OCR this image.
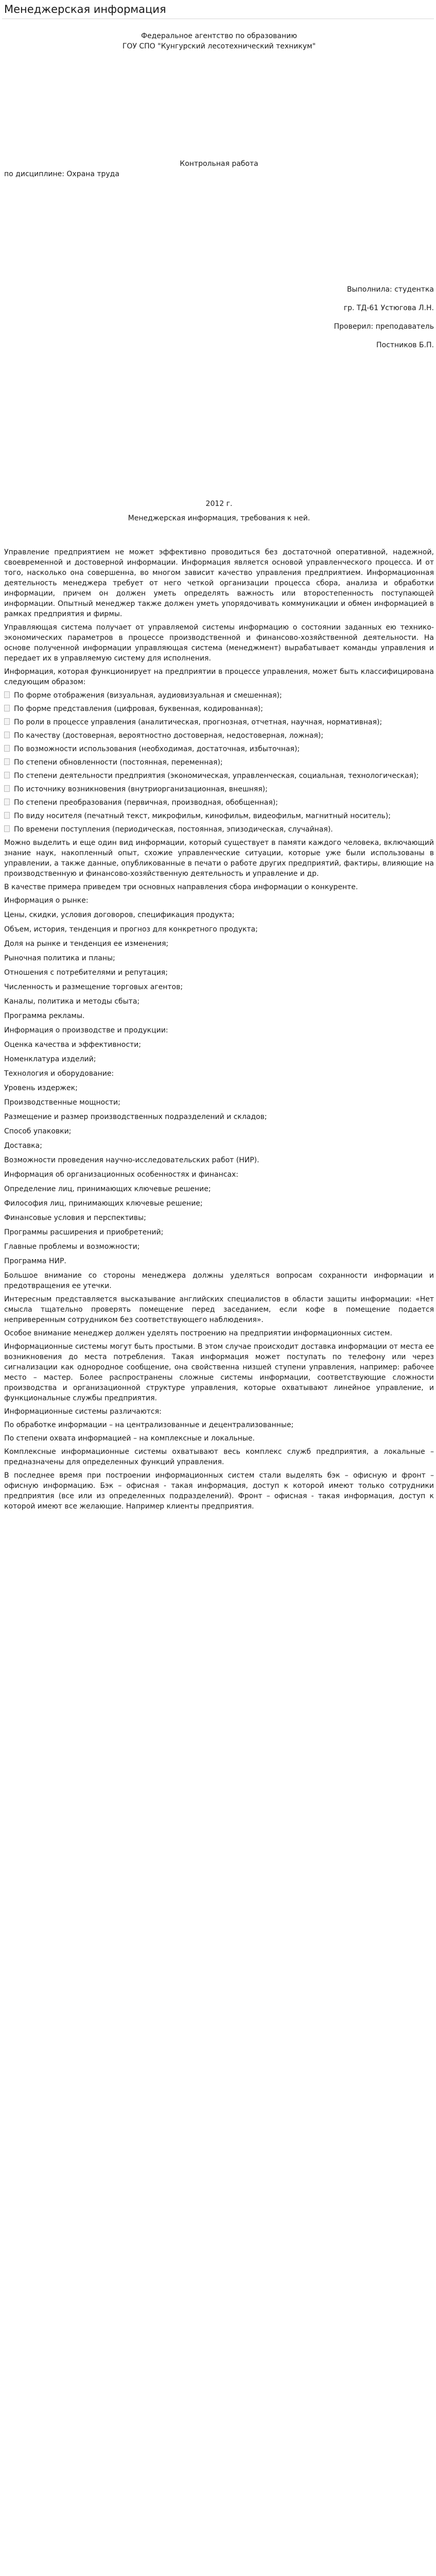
Менеджерская информация

Федеральное агентство по образованию

ГОУ СПО "Кунгурский лесотехнический техникум"

Контрольная работа
по дисциплине: Охрана труда

Выполнила: студентка

гр. ТД-61 Устюгова Л.Н.

Проверил: преподаватель

Постников Б.П.

2012 г.
Менеджерская информация, требования к ней.

Управление предприятием не может эффективно проводиться без достаточной оперативной, надежной, своевременной и достоверной информации. Информация является основой управленческого процесса. И от того, насколько она совершенна, во многом зависит качество управления предприятием. Информационная деятельность менеджера требует от него четкой организации процесса сбора, анализа и обработки информации, причем он должен уметь определять важность или второстепенность поступающей информации. Опытный менеджер также должен уметь упорядочивать коммуникации и обмен информацией в рамках предприятия и фирмы.

Управляющая система получает от управляемой системы информацию о состоянии заданных ею технико-экономических параметров в процессе производственной и финансово-хозяйственной деятельности. На основе полученной информации управляющая система (менеджмент) вырабатывает команды управления и передает их в управляемую систему для исполнения.

Информация, которая функционирует на предприятии в процессе управления, может быть классифицирована следующим образом:

По форме отображения (визуальная, аудиовизуальная и смешенная);

По форме представления (цифровая, буквенная, кодированная);

По роли в процессе управления (аналитическая, прогнозная, отчетная, научная, нормативная);

По качеству (достоверная, вероятностно достоверная, недостоверная, ложная);

По возможности использования (необходимая, достаточная, избыточная);

По степени обновленности (постоянная, переменная);

По степени деятельности предприятия (экономическая, управленческая, социальная, технологическая);

По источнику возникновения (внутриорганизационная, внешняя);

По степени преобразования (первичная, производная, обобщенная);

По виду носителя (печатный текст, микрофильм, кинофильм, видеофильм, магнитный носитель);

По времени поступления (периодическая, постоянная, эпизодическая, случайная).

Можно выделить и еще один вид информации, который существует в памяти каждого человека, включающий знание наук, накопленный опыт, схожие управленческие ситуации, которые уже были использованы в управлении, а также данные, опубликованные в печати о работе других предприятий, фактиры, влияющие на производственную и финансово-хозяйственную деятельность и управление и др.

В качестве примера приведем три основных направления сбора информации о конкуренте.

Информация о рынке:

Цены, скидки, условия договоров, спецификация продукта;

Объем, история, тенденция и прогноз для конкретного продукта;

Доля на рынке и тенденция ее изменения;

Рыночная политика и планы;

Отношения с потребителями и репутация;

Численность и размещение торговых агентов;

Каналы, политика и методы сбыта;

Программа рекламы.

Информация о производстве и продукции:

Оценка качества и эффективности;

Номенклатура изделий;

Технология и оборудование:

Уровень издержек;

Производственные мощности;

Размещение и размер производственных подразделений и складов;

Способ упаковки;

Доставка;

Возможности проведения научно-исследовательских работ (НИР).

Информация об организационных особенностях и финансах:

Определение лиц, принимающих ключевые решение;

Философия лиц, принимающих ключевые решение;

Финансовые условия и перспективы;

Программы расширения и приобретений;

Главные проблемы и возможности;

Программа НИР.

Большое внимание со стороны менеджера должны уделяться вопросам сохранности информации и предотвращения ее утечки.

Интересным представляется высказывание английских специалистов в области защиты информации: «Нет смысла тщательно проверять помещение перед заседанием, если кофе в помещение подается неприверенным сотрудником без соответствующего наблюдения».

Особое внимание менеджер должен уделять построению на предприятии информационных систем.

Информационные системы могут быть простыми. В этом случае происходит доставка информации от места ее возникновения до места потребления. Такая информация может поступать по телефону или через сигнализации как однородное сообщение, она свойственна низшей ступени управления, например: рабочее место – мастер. Более распространены сложные системы информации, соответствующие сложности производства и организационной структуре управления, которые охватывают линейное управление, и функциональные службы предприятия.

Информационные системы различаются:

По обработке информации – на централизованные и децентрализованные;

По степени охвата информацией – на комплексные и локальные.

Комплексные информационные системы охватывают весь комплекс служб предприятия, а локальные – предназначены для определенных функций управления.

В последнее время при построении информационных систем стали выделять бэк – офисную и фронт – офисную информацию. Бэк – офисная - такая информация, доступ к которой имеют только сотрудники предприятия (все или из определенных подразделений). Фронт – офисная - такая информация, доступ к которой имеют все желающие. Например клиенты предприятия.
